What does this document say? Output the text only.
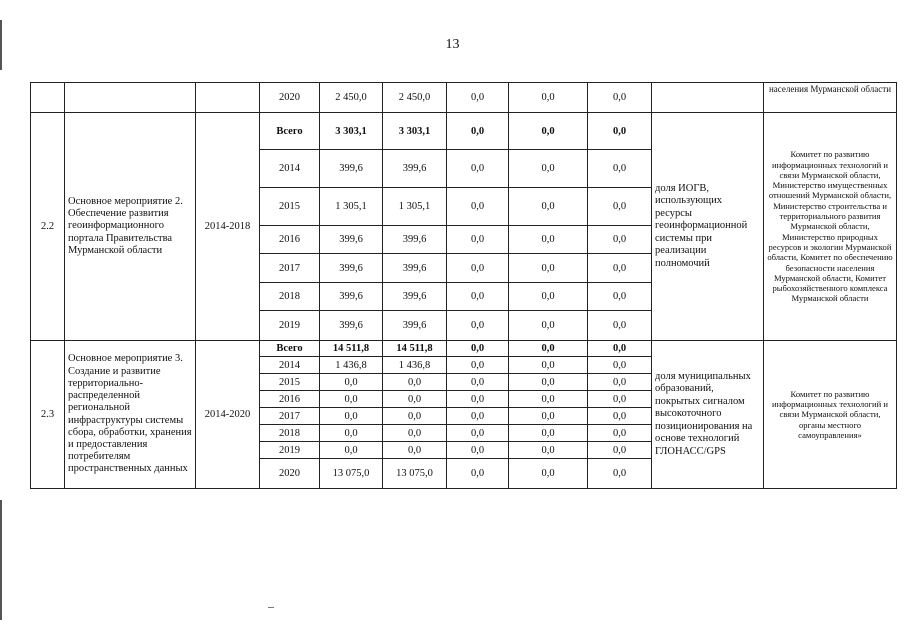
13
			2020	2 450,0	2 450,0	0,0	0,0	0,0		населения Мурманской области
2.2	Основное мероприятие 2. Обеспечение развития геоинформационного портала Правительства Мурманской области	2014-2018	Всего	3 303,1	3 303,1	0,0	0,0	0,0	доля ИОГВ, использующих ресурсы геоинформационной системы при реализации полномочий	Комитет по развитию информационных технологий и связи Мурманской области, Министерство имущественных отношений Мурманской области, Министерство строительства и территориального развития Мурманской области, Министерство природных ресурсов и экологии Мурманской области, Комитет по обеспечению безопасности населения Мурманской области, Комитет рыбохозяйственного комплекса Мурманской области
			2014	399,6	399,6	0,0	0,0	0,0		
			2015	1 305,1	1 305,1	0,0	0,0	0,0		
			2016	399,6	399,6	0,0	0,0	0,0		
			2017	399,6	399,6	0,0	0,0	0,0		
			2018	399,6	399,6	0,0	0,0	0,0		
			2019	399,6	399,6	0,0	0,0	0,0		
2.3	Основное мероприятие 3. Создание и развитие территориально-распределенной региональной инфраструктуры системы сбора, обработки, хранения и предоставления потребителям пространственных данных	2014-2020	Всего	14 511,8	14 511,8	0,0	0,0	0,0	доля муниципальных образований, покрытых сигналом высокоточного позиционирования на основе технологий ГЛОНАСС/GPS	Комитет по развитию информационных технологий и связи Мурманской области, органы местного самоуправления»
			2014	1 436,8	1 436,8	0,0	0,0	0,0		
			2015	0,0	0,0	0,0	0,0	0,0		
			2016	0,0	0,0	0,0	0,0	0,0		
			2017	0,0	0,0	0,0	0,0	0,0		
			2018	0,0	0,0	0,0	0,0	0,0		
			2019	0,0	0,0	0,0	0,0	0,0		
			2020	13 075,0	13 075,0	0,0	0,0	0,0		
